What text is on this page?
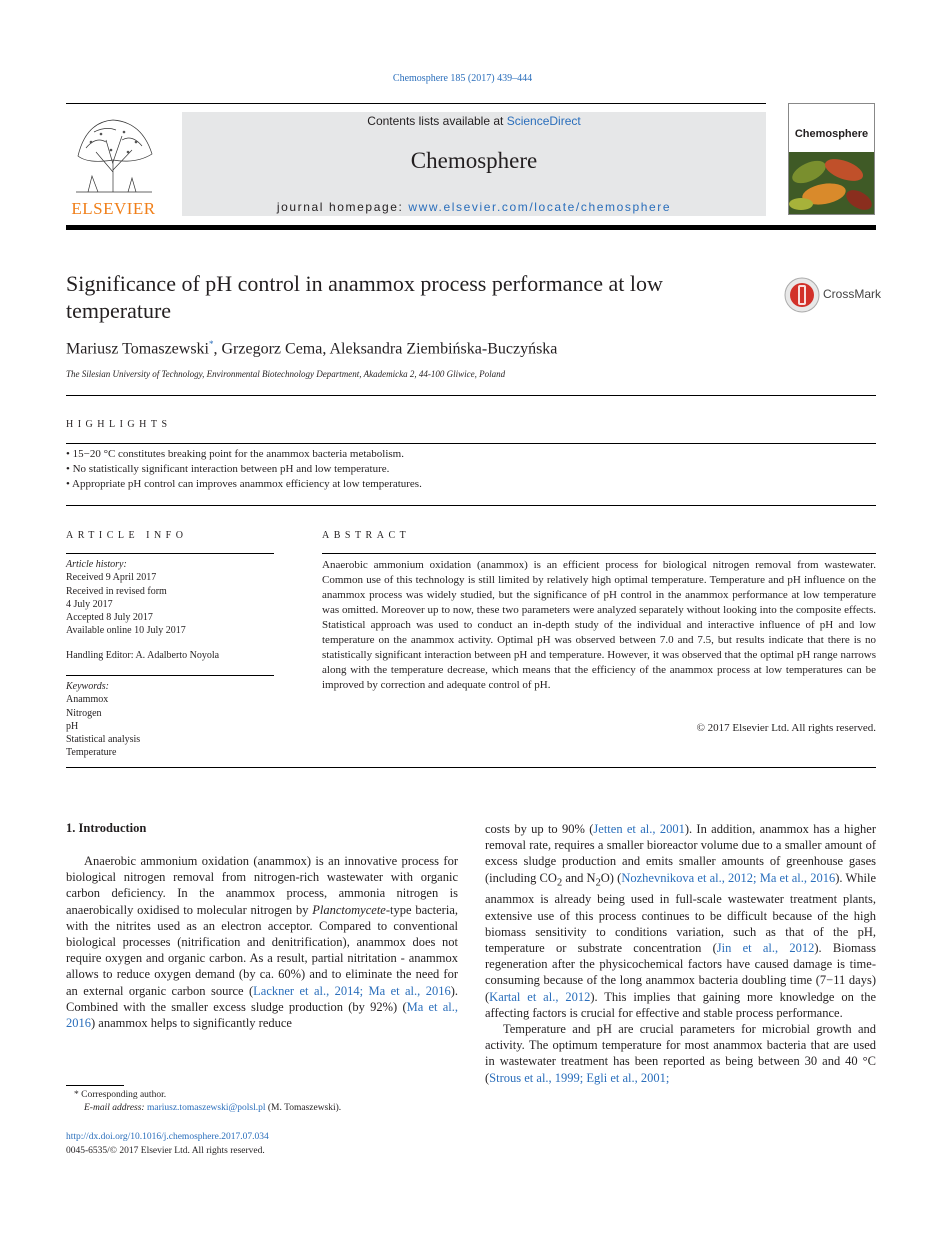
Chemosphere 185 (2017) 439–444
ELSEVIER
Contents lists available at ScienceDirect
Chemosphere
journal homepage: www.elsevier.com/locate/chemosphere
Chemosphere
Significance of pH control in anammox process performance at low temperature
CrossMark
Mariusz Tomaszewski*, Grzegorz Cema, Aleksandra Ziembińska-Buczyńska
The Silesian University of Technology, Environmental Biotechnology Department, Akademicka 2, 44-100 Gliwice, Poland
HIGHLIGHTS
• 15−20 °C constitutes breaking point for the anammox bacteria metabolism.
• No statistically significant interaction between pH and low temperature.
• Appropriate pH control can improves anammox efficiency at low temperatures.
ARTICLE INFO
Article history:
Received 9 April 2017
Received in revised form
4 July 2017
Accepted 8 July 2017
Available online 10 July 2017
Handling Editor: A. Adalberto Noyola
Keywords:
Anammox
Nitrogen
pH
Statistical analysis
Temperature
ABSTRACT
Anaerobic ammonium oxidation (anammox) is an efficient process for biological nitrogen removal from wastewater. Common use of this technology is still limited by relatively high optimal temperature. Temperature and pH influence on the anammox process was widely studied, but the significance of pH control in the anammox performance at low temperature was omitted. Moreover up to now, these two parameters were analyzed separately without looking into the composite effects. Statistical approach was used to conduct an in-depth study of the individual and interactive influence of pH and low temperature on the anammox activity. Optimal pH was observed between 7.0 and 7.5, but results indicate that there is no statistically significant interaction between pH and temperature. However, it was observed that the optimal pH range narrows along with the temperature decrease, which means that the efficiency of the anammox process at low temperatures can be improved by correction and adequate control of pH.
© 2017 Elsevier Ltd. All rights reserved.
1. Introduction

Anaerobic ammonium oxidation (anammox) is an innovative process for biological nitrogen removal from nitrogen-rich wastewater with organic carbon deficiency. In the anammox process, ammonia nitrogen is anaerobically oxidised to molecular nitrogen by Planctomycete-type bacteria, with the nitrites used as an electron acceptor. Compared to conventional biological processes (nitrification and denitrification), anammox does not require oxygen and organic carbon. As a result, partial nitritation - anammox allows to reduce oxygen demand (by ca. 60%) and to eliminate the need for an external organic carbon source (Lackner et al., 2014; Ma et al., 2016). Combined with the smaller excess sludge production (by 92%) (Ma et al., 2016) anammox helps to significantly reduce

costs by up to 90% (Jetten et al., 2001). In addition, anammox has a higher removal rate, requires a smaller bioreactor volume due to a smaller amount of excess sludge production and emits smaller amounts of greenhouse gases (including $CO_2$ and $N_2O$) (Nozhevnikova et al., 2012; Ma et al., 2016). While anammox is already being used in full-scale wastewater treatment plants, extensive use of this process continues to be difficult because of the high biomass sensitivity to conditions variation, such as that of the pH, temperature or substrate concentration (Jin et al., 2012). Biomass regeneration after the physicochemical factors have caused damage is time-consuming because of the long anammox bacteria doubling time (7−11 days) (Kartal et al., 2012). This implies that gaining more knowledge on the affecting factors is crucial for effective and stable process performance.

Temperature and pH are crucial parameters for microbial growth and activity. The optimum temperature for most anammox bacteria that are used in wastewater treatment has been reported as being between 30 and 40 °C (Strous et al., 1999; Egli et al., 2001;

* Corresponding author.
E-mail address: mariusz.tomaszewski@polsl.pl (M. Tomaszewski).
http://dx.doi.org/10.1016/j.chemosphere.2017.07.034
0045-6535/© 2017 Elsevier Ltd. All rights reserved.
